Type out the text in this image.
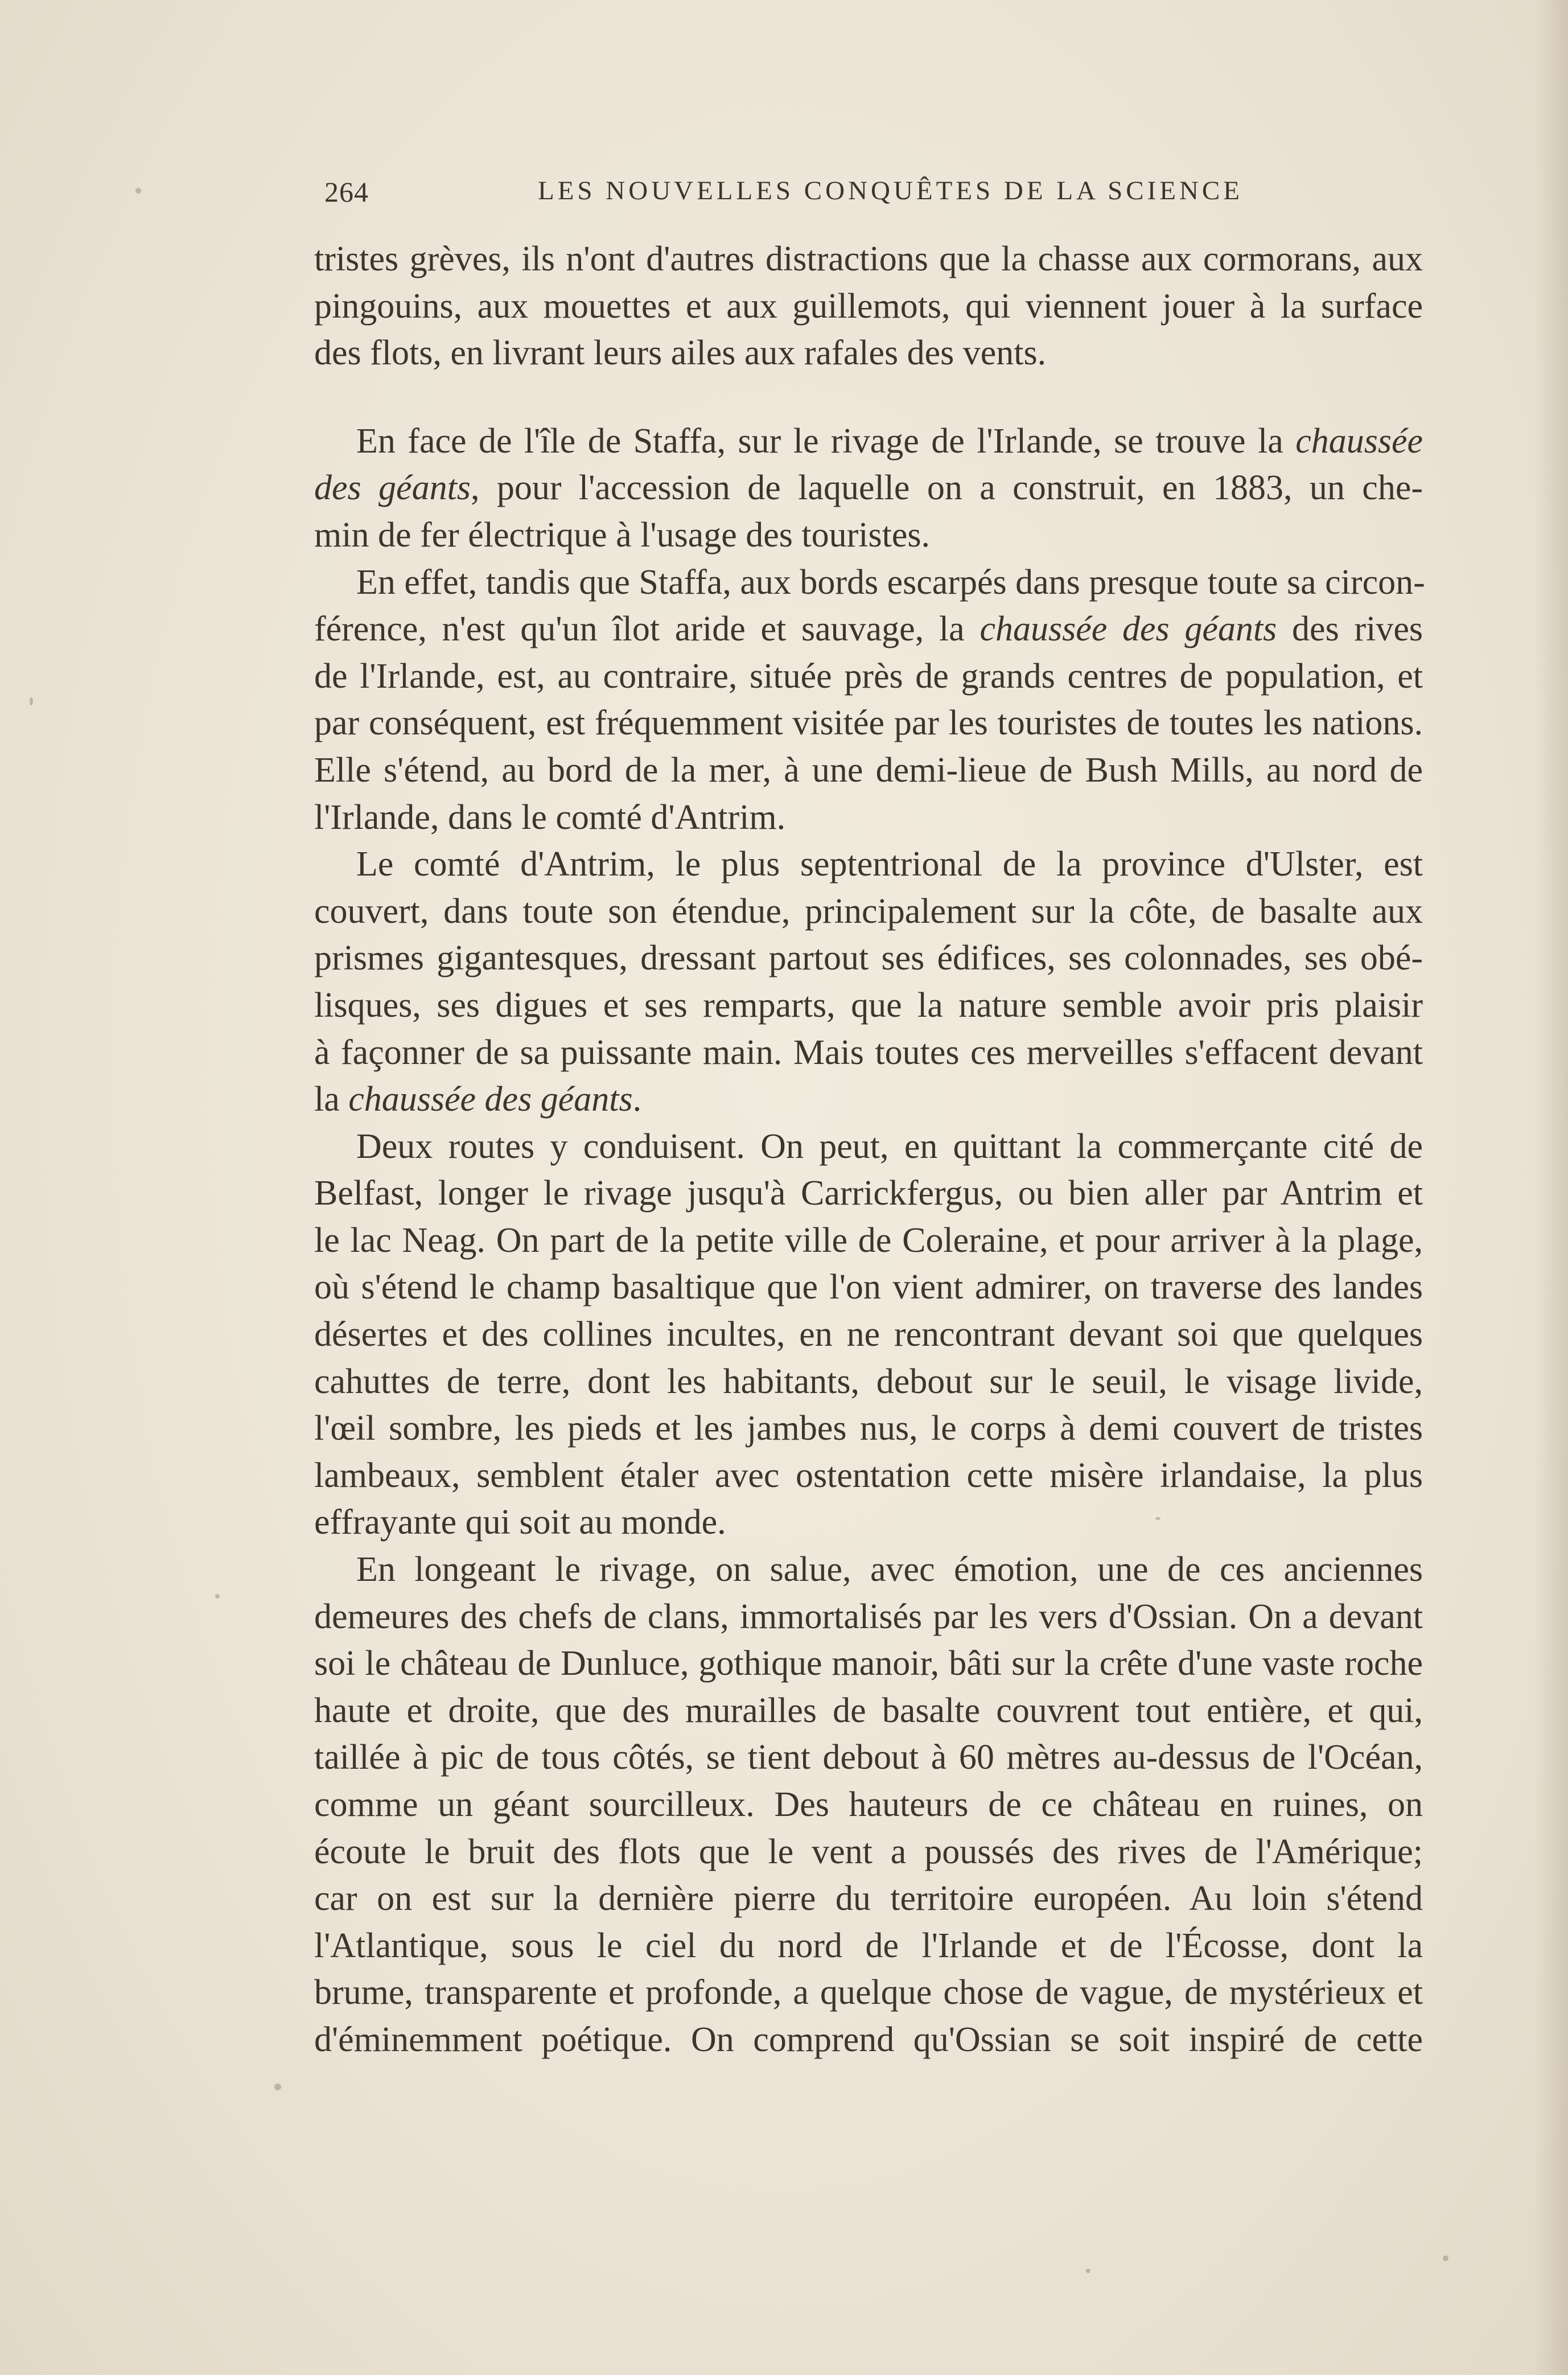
264	LES NOUVELLES CONQUÊTES DE LA SCIENCE
tristes grèves, ils n'ont d'autres distractions que la chasse aux cormorans, aux
pingouins, aux mouettes et aux guillemots, qui viennent jouer à la surface
des flots, en livrant leurs ailes aux rafales des vents.
En face de l'île de Staffa, sur le rivage de l'Irlande, se trouve la chaussée
des géants, pour l'accession de laquelle on a construit, en 1883, un che-
min de fer électrique à l'usage des touristes.
En effet, tandis que Staffa, aux bords escarpés dans presque toute sa circon-
férence, n'est qu'un îlot aride et sauvage, la chaussée des géants des rives
de l'Irlande, est, au contraire, située près de grands centres de population, et
par conséquent, est fréquemment visitée par les touristes de toutes les nations.
Elle s'étend, au bord de la mer, à une demi-lieue de Bush Mills, au nord de
l'Irlande, dans le comté d'Antrim.
Le comté d'Antrim, le plus septentrional de la province d'Ulster, est
couvert, dans toute son étendue, principalement sur la côte, de basalte aux
prismes gigantesques, dressant partout ses édifices, ses colonnades, ses obé-
lisques, ses digues et ses remparts, que la nature semble avoir pris plaisir
à façonner de sa puissante main. Mais toutes ces merveilles s'effacent devant
la chaussée des géants.
Deux routes y conduisent. On peut, en quittant la commerçante cité de
Belfast, longer le rivage jusqu'à Carrickfergus, ou bien aller par Antrim et
le lac Neag. On part de la petite ville de Coleraine, et pour arriver à la plage,
où s'étend le champ basaltique que l'on vient admirer, on traverse des landes
désertes et des collines incultes, en ne rencontrant devant soi que quelques
cahuttes de terre, dont les habitants, debout sur le seuil, le visage livide,
l'œil sombre, les pieds et les jambes nus, le corps à demi couvert de tristes
lambeaux, semblent étaler avec ostentation cette misère irlandaise, la plus
effrayante qui soit au monde.
En longeant le rivage, on salue, avec émotion, une de ces anciennes
demeures des chefs de clans, immortalisés par les vers d'Ossian. On a devant
soi le château de Dunluce, gothique manoir, bâti sur la crête d'une vaste roche
haute et droite, que des murailles de basalte couvrent tout entière, et qui,
taillée à pic de tous côtés, se tient debout à 60 mètres au-dessus de l'Océan,
comme un géant sourcilleux. Des hauteurs de ce château en ruines, on
écoute le bruit des flots que le vent a poussés des rives de l'Amérique;
car on est sur la dernière pierre du territoire européen. Au loin s'étend
l'Atlantique, sous le ciel du nord de l'Irlande et de l'Écosse, dont la
brume, transparente et profonde, a quelque chose de vague, de mystérieux et
d'éminemment poétique. On comprend qu'Ossian se soit inspiré de cette
